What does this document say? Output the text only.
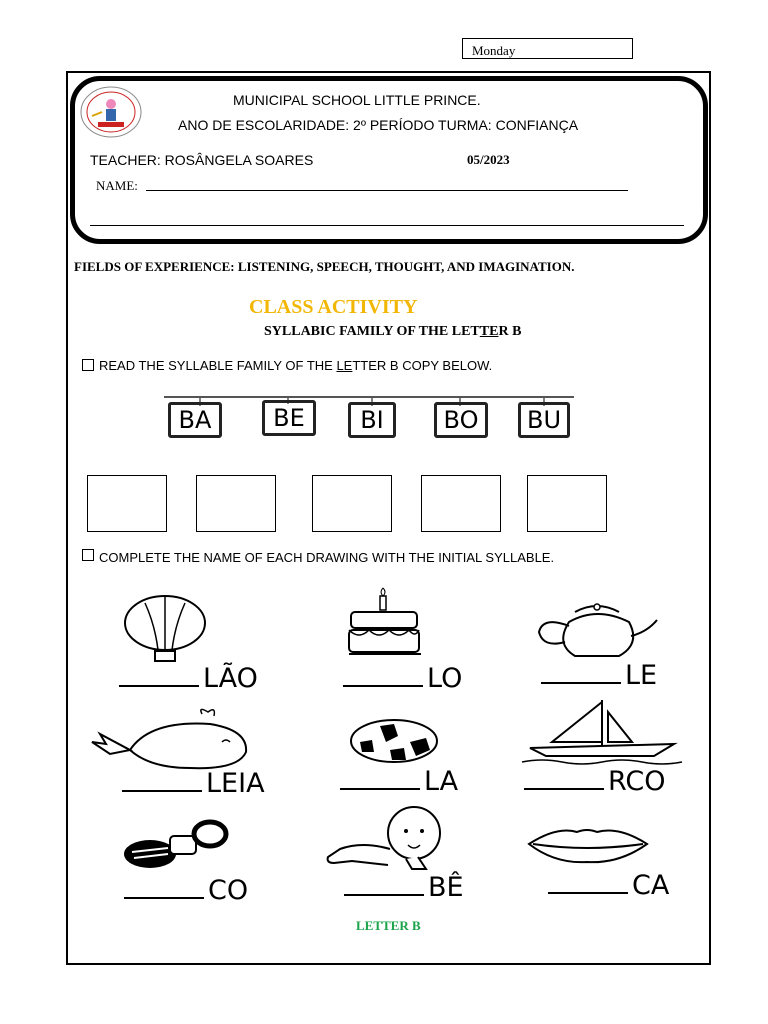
Monday
MUNICIPAL SCHOOL LITTLE PRINCE.
ANO DE ESCOLARIDADE: 2º PERÍODO TURMA: CONFIANÇA
TEACHER: ROSÂNGELA SOARES	05/2023
NAME:
FIELDS OF EXPERIENCE: LISTENING, SPEECH, THOUGHT, AND IMAGINATION.
CLASS ACTIVITY
SYLLABIC FAMILY OF THE LETTER B
READ THE SYLLABLE FAMILY OF THE LETTER B COPY BELOW.
BA	BE	BI	BO	BU
COMPLETE THE NAME OF EACH DRAWING WITH THE INITIAL SYLLABLE.
LÃO	LO	LE
LEIA	LA	RCO
CO	BÊ	CA
LETTER B
